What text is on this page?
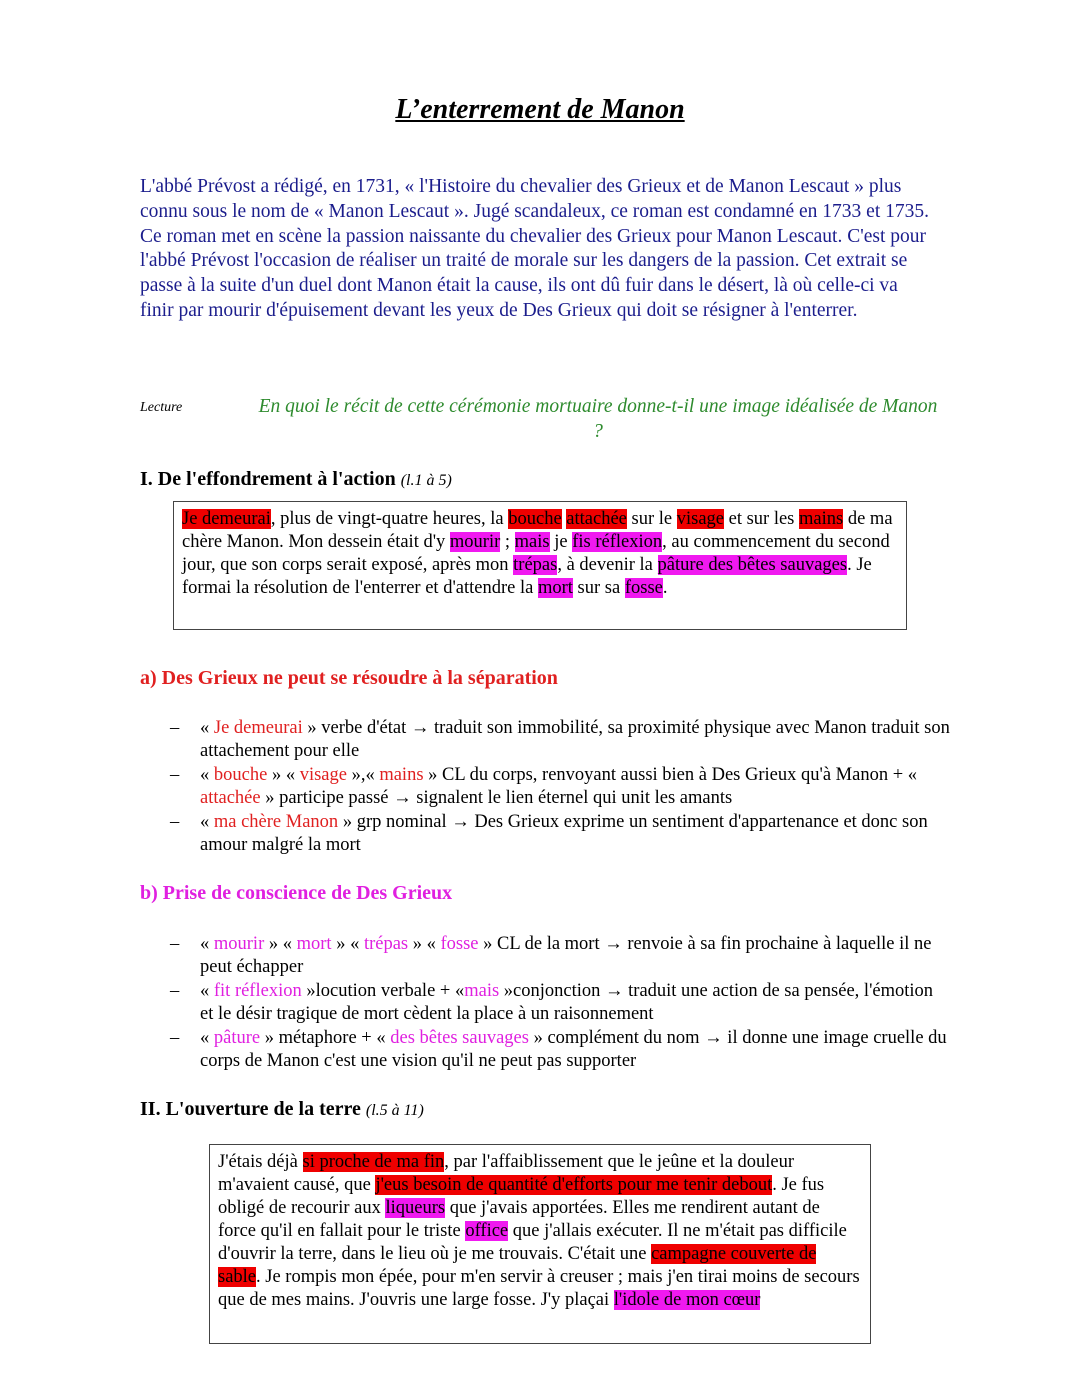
L’enterrement de Manon

L'abbé Prévost a rédigé, en 1731, « l'Histoire du chevalier des Grieux et de Manon Lescaut » plus connu sous le nom de « Manon Lescaut ». Jugé scandaleux, ce roman est condamné en 1733 et 1735. Ce roman met en scène la passion naissante du chevalier des Grieux pour Manon Lescaut. C'est pour l'abbé Prévost l'occasion de réaliser un traité de morale sur les dangers de la passion. Cet extrait se passe à la suite d'un duel dont Manon était la cause, ils ont dû fuir dans le désert, là où celle-ci va finir par mourir d'épuisement devant les yeux de Des Grieux qui doit se résigner à l'enterrer.

Lecture	En quoi le récit de cette cérémonie mortuaire donne-t-il une image idéalisée de Manon ?

I. De l'effondrement à l'action (l.1 à 5)
Je demeurai, plus de vingt-quatre heures, la bouche attachée sur le visage et sur les mains de ma chère Manon. Mon dessein était d'y mourir ; mais je fis réflexion, au commencement du second jour, que son corps serait exposé, après mon trépas, à devenir la pâture des bêtes sauvages. Je formai la résolution de l'enterrer et d'attendre la mort sur sa fosse.
a) Des Grieux ne peut se résoudre à la séparation
– « Je demeurai » verbe d'état → traduit son immobilité, sa proximité physique avec Manon traduit son attachement pour elle
– « bouche » « visage »,« mains » CL du corps, renvoyant aussi bien à Des Grieux qu'à Manon + « attachée » participe passé → signalent le lien éternel qui unit les amants
– « ma chère Manon » grp nominal → Des Grieux exprime un sentiment d'appartenance et donc son amour malgré la mort
b) Prise de conscience de Des Grieux
– « mourir » « mort » « trépas » « fosse » CL de la mort → renvoie à sa fin prochaine à laquelle il ne peut échapper
– « fit réflexion »locution verbale + «mais »conjonction → traduit une action de sa pensée, l'émotion et le désir tragique de mort cèdent la place à un raisonnement
– « pâture » métaphore + « des bêtes sauvages » complément du nom → il donne une image cruelle du corps de Manon c'est une vision qu'il ne peut pas supporter
II. L'ouverture de la terre (l.5 à 11)
J'étais déjà si proche de ma fin, par l'affaiblissement que le jeûne et la douleur m'avaient causé, que j'eus besoin de quantité d'efforts pour me tenir debout. Je fus obligé de recourir aux liqueurs que j'avais apportées. Elles me rendirent autant de force qu'il en fallait pour le triste office que j'allais exécuter. Il ne m'était pas difficile d'ouvrir la terre, dans le lieu où je me trouvais. C'était une campagne couverte de sable. Je rompis mon épée, pour m'en servir à creuser ; mais j'en tirai moins de secours que de mes mains. J'ouvris une large fosse. J'y plaçai l'idole de mon cœur
